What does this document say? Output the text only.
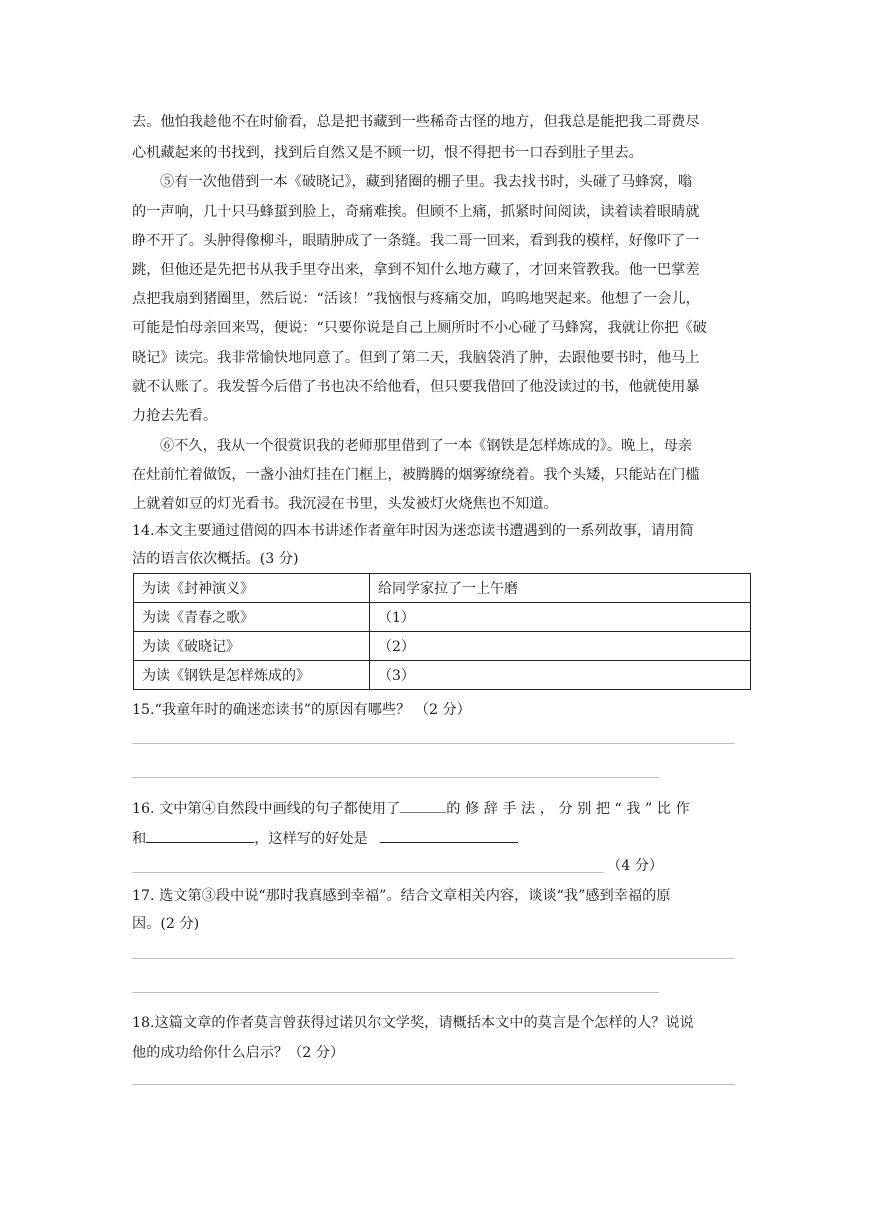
去。他怕我趁他不在时偷看，总是把书藏到一些稀奇古怪的地方，但我总是能把我二哥费尽
心机藏起来的书找到，找到后自然又是不顾一切，恨不得把书一口吞到肚子里去。
⑤有一次他借到一本《破晓记》，藏到猪圈的棚子里。我去找书时，头碰了马蜂窝，嗡
的一声响，几十只马蜂蜇到脸上，奇痛难挨。但顾不上痛，抓紧时间阅读，读着读着眼睛就
睁不开了。头肿得像柳斗，眼睛肿成了一条缝。我二哥一回来，看到我的模样，好像吓了一
跳，但他还是先把书从我手里夺出来，拿到不知什么地方藏了，才回来管教我。他一巴掌差
点把我扇到猪圈里，然后说：“活该！”我恼恨与疼痛交加，呜呜地哭起来。他想了一会儿，
可能是怕母亲回来骂，便说：“只要你说是自己上厕所时不小心碰了马蜂窝，我就让你把《破
晓记》读完。我非常愉快地同意了。但到了第二天，我脑袋消了肿，去跟他要书时，他马上
就不认账了。我发誓今后借了书也决不给他看，但只要我借回了他没读过的书，他就使用暴
力抢去先看。
⑥不久，我从一个很赏识我的老师那里借到了一本《钢铁是怎样炼成的》。晚上，母亲
在灶前忙着做饭，一盏小油灯挂在门框上，被腾腾的烟雾缭绕着。我个头矮，只能站在门槛
上就着如豆的灯光看书。我沉浸在书里，头发被灯火烧焦也不知道。
14.本文主要通过借阅的四本书讲述作者童年时因为迷恋读书遭遇到的一系列故事，请用简
洁的语言依次概括。(3 分)
为读《封神演义》	给同学家拉了一上午磨
为读《青春之歌》	（1）
为读《破晓记》	（2）
为读《钢铁是怎样炼成的》	（3）
15.“我童年时的确迷恋读书”的原因有哪些？ （2 分）
16. 文中第④自然段中画线的句子都使用了	的 修 辞 手 法 ， 分 别 把 “ 我 ” 比 作
和	，这样写的好处是
（4 分）
17. 选文第③段中说“那时我真感到幸福”。结合文章相关内容，谈谈“我”感到幸福的原
因。(2 分)
18.这篇文章的作者莫言曾获得过诺贝尔文学奖，请概括本文中的莫言是个怎样的人？说说
他的成功给你什么启示？（2 分）
